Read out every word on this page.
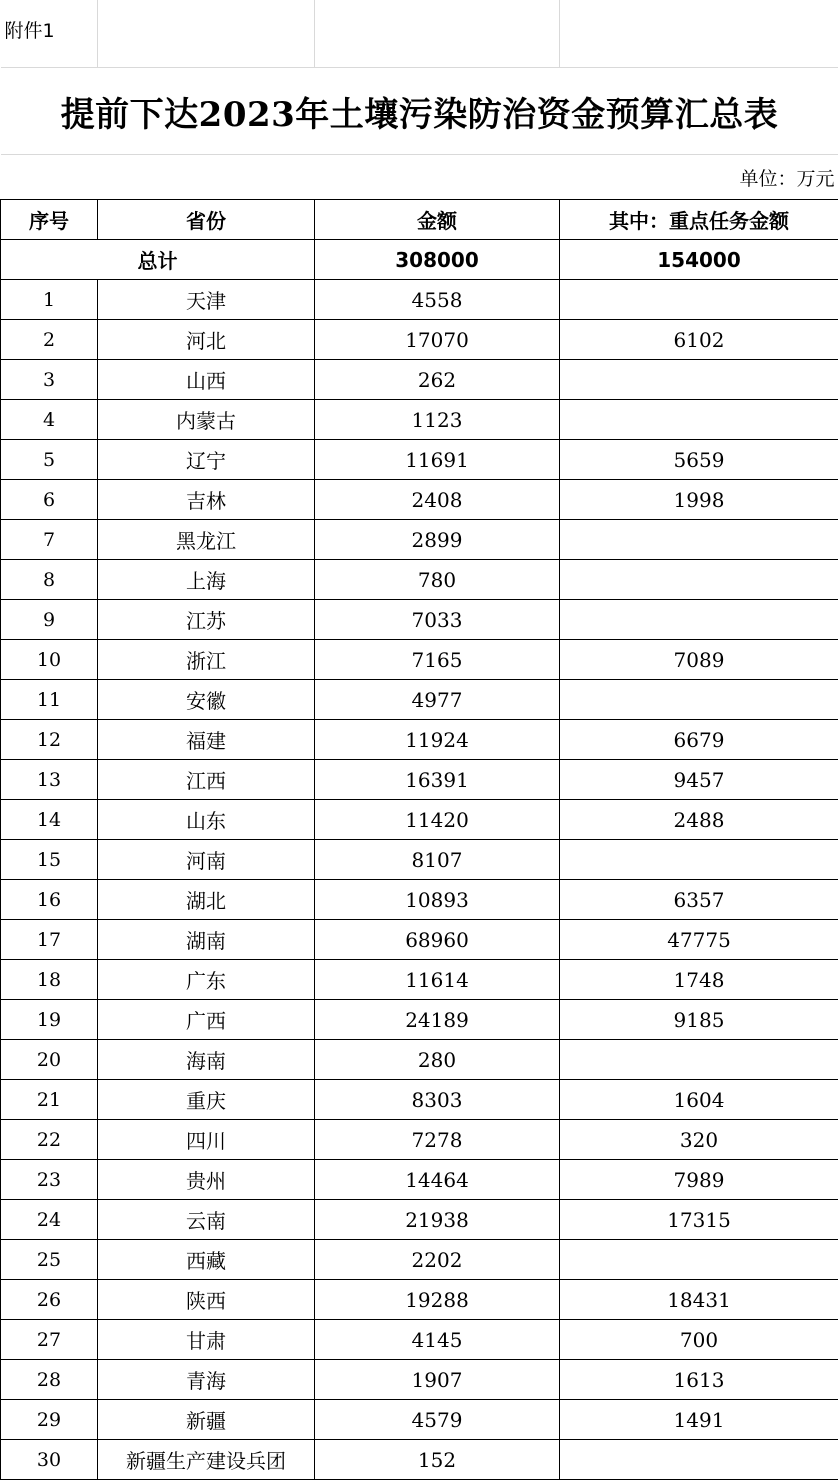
附件1			
提前下达2023年土壤污染防治资金预算汇总表			
单位：万元			
序号	省份	金额	其中：重点任务金额
总计		308000	154000
1	天津	4558	
2	河北	17070	6102
3	山西	262	
4	内蒙古	1123	
5	辽宁	11691	5659
6	吉林	2408	1998
7	黑龙江	2899	
8	上海	780	
9	江苏	7033	
10	浙江	7165	7089
11	安徽	4977	
12	福建	11924	6679
13	江西	16391	9457
14	山东	11420	2488
15	河南	8107	
16	湖北	10893	6357
17	湖南	68960	47775
18	广东	11614	1748
19	广西	24189	9185
20	海南	280	
21	重庆	8303	1604
22	四川	7278	320
23	贵州	14464	7989
24	云南	21938	17315
25	西藏	2202	
26	陕西	19288	18431
27	甘肃	4145	700
28	青海	1907	1613
29	新疆	4579	1491
30	新疆生产建设兵团	152	
